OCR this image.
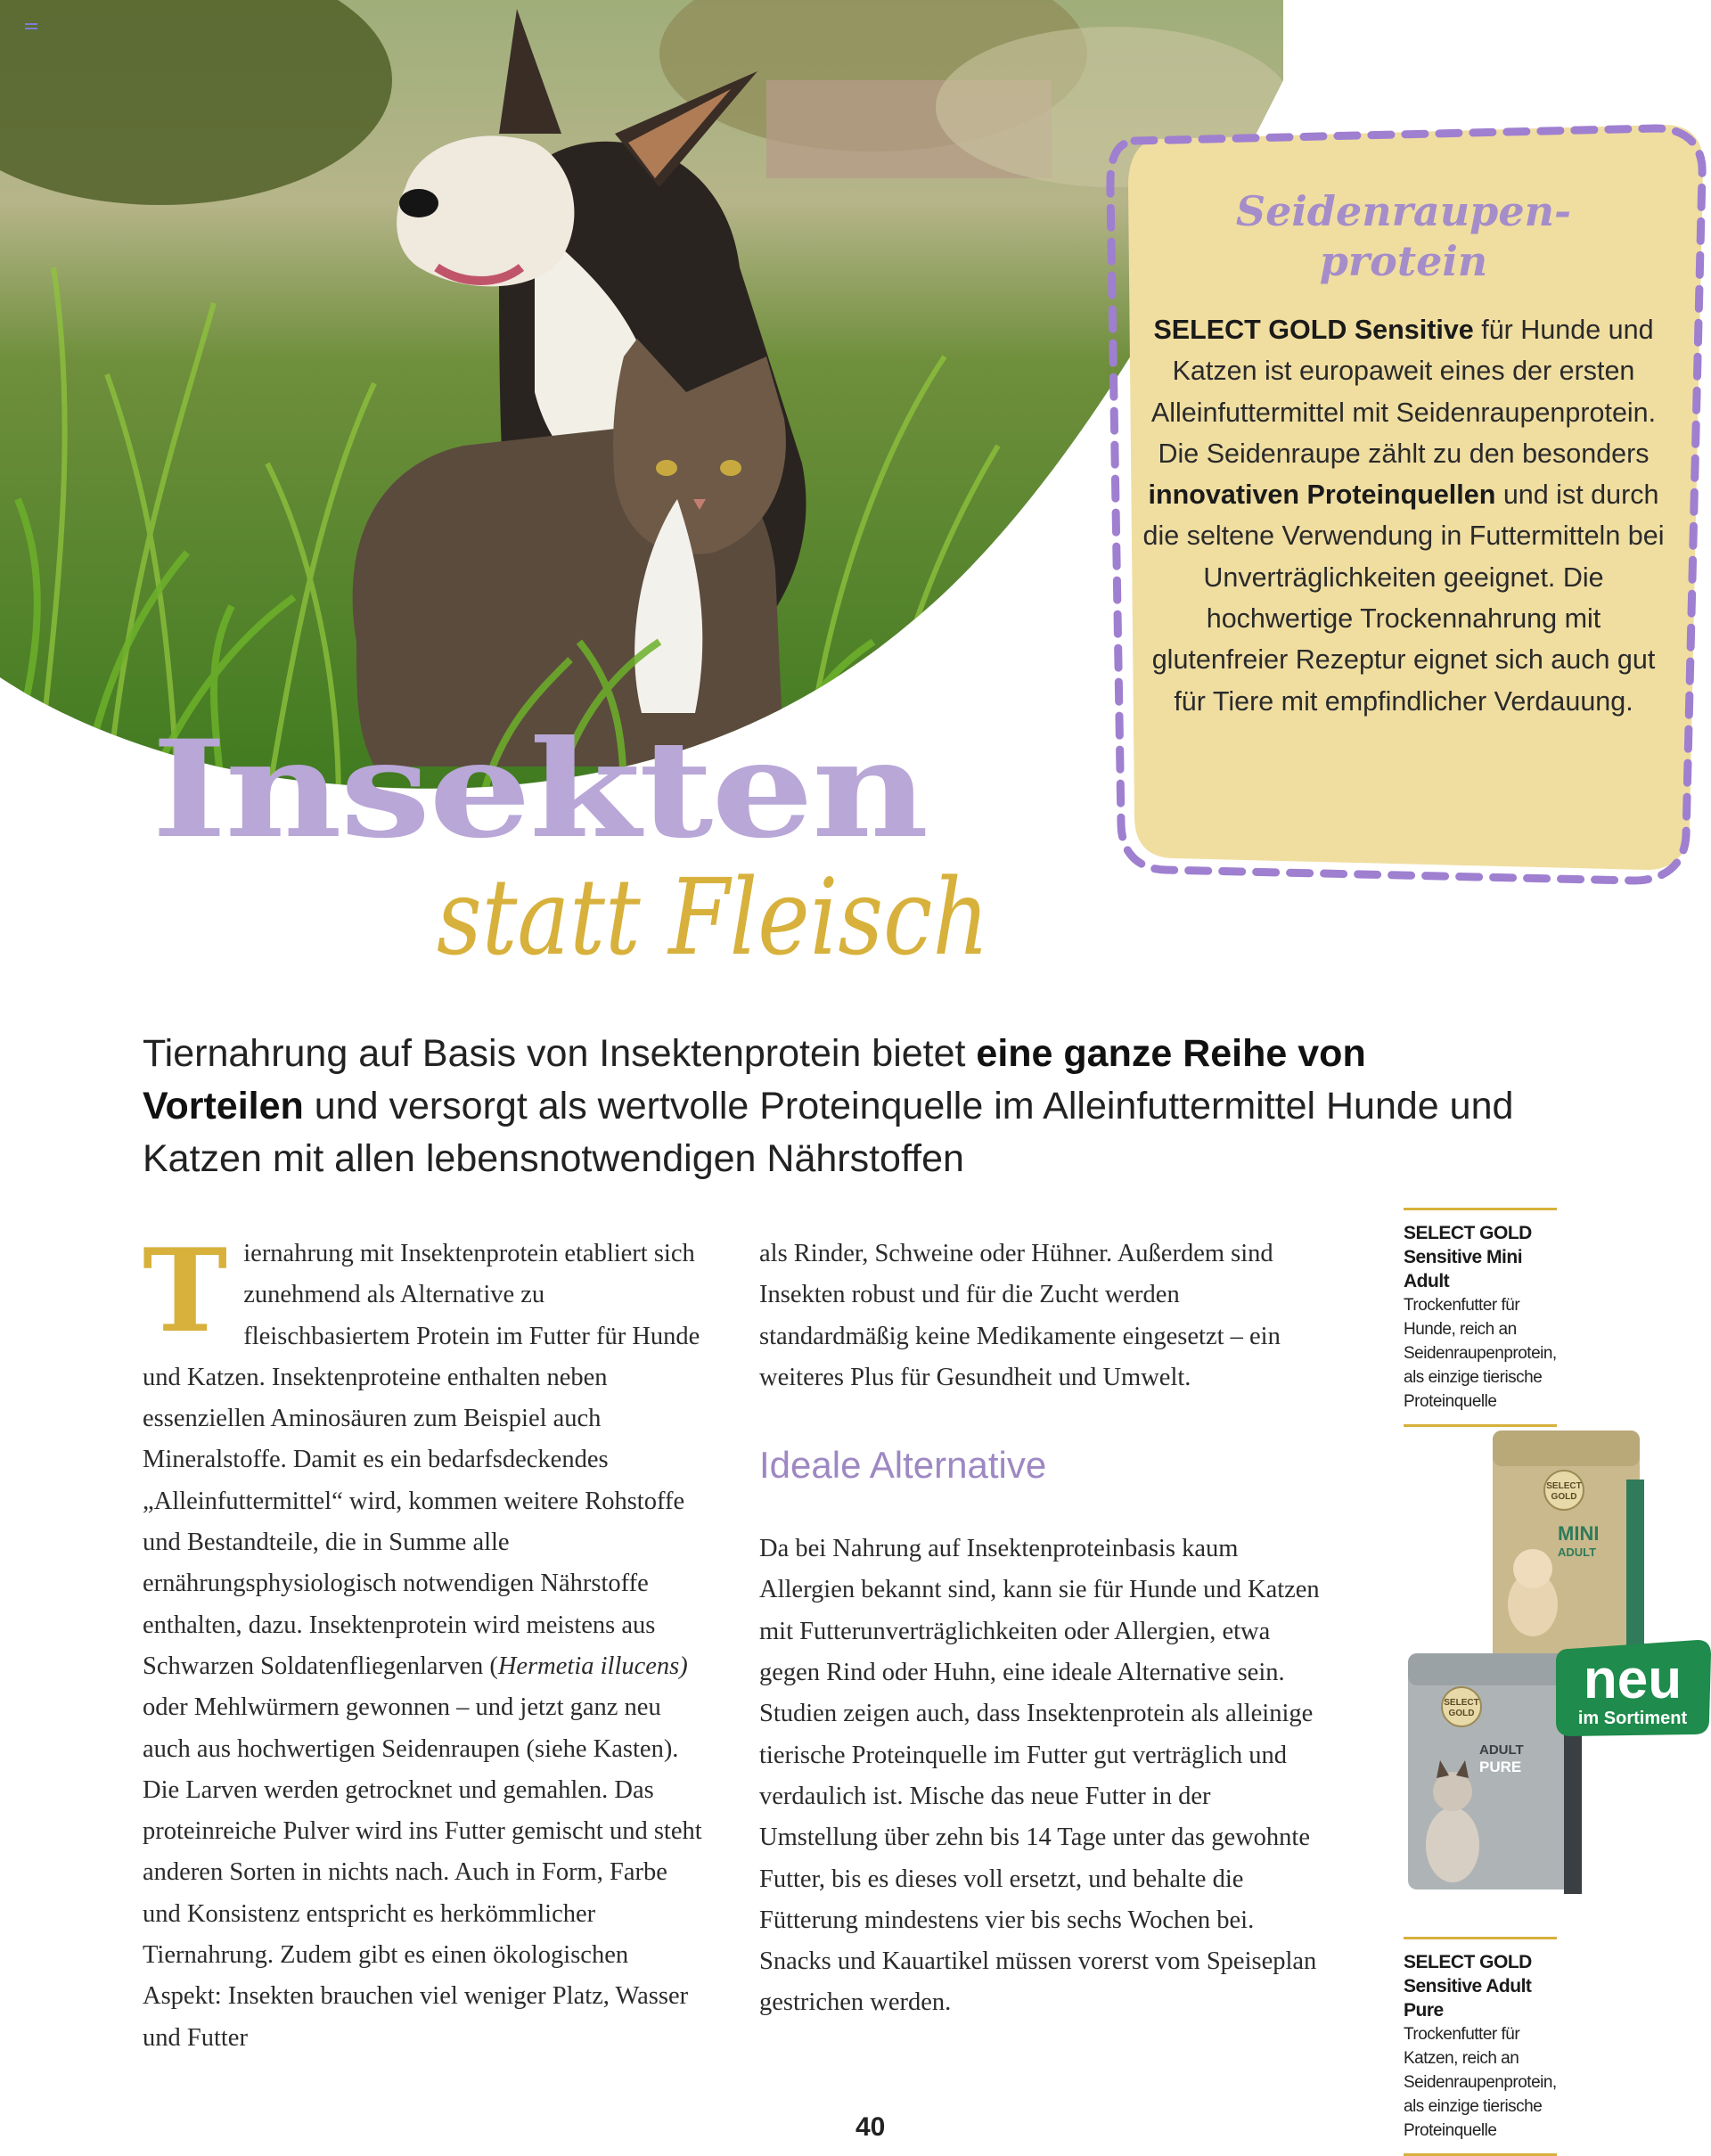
Seidenraupen-
protein
SELECT GOLD Sensitive für Hunde und Katzen ist europaweit eines der ersten Alleinfuttermittel mit Seidenraupenprotein. Die Seidenraupe zählt zu den besonders innovativen Proteinquellen und ist durch die seltene Verwendung in Futtermitteln bei Unverträglichkeiten geeignet. Die hochwertige Trockennahrung mit glutenfreier Rezeptur eignet sich auch gut für Tiere mit empfindlicher Verdauung.
Insekten
statt Fleisch
Tiernahrung auf Basis von Insektenprotein bietet eine ganze Reihe von Vorteilen und versorgt als wertvolle Proteinquelle im Alleinfuttermittel Hunde und Katzen mit allen lebensnotwendigen Nährstoffen
Tiernahrung mit Insektenprotein etabliert sich zunehmend als Alternative zu fleischbasiertem Protein im Futter für Hunde und Katzen. Insektenproteine enthalten neben essenziellen Aminosäuren zum Beispiel auch Mineralstoffe. Damit es ein bedarfsdeckendes „Alleinfuttermittel“ wird, kommen weitere Rohstoffe und Bestandteile, die in Summe alle ernährungsphysiologisch notwendigen Nährstoffe enthalten, dazu. Insektenprotein wird meistens aus Schwarzen Soldatenfliegenlarven (Hermetia illucens) oder Mehlwürmern gewonnen – und jetzt ganz neu auch aus hochwertigen Seidenraupen (siehe Kasten). Die Larven werden getrocknet und gemahlen. Das proteinreiche Pulver wird ins Futter gemischt und steht anderen Sorten in nichts nach. Auch in Form, Farbe und Konsistenz entspricht es herkömmlicher Tiernahrung. Zudem gibt es einen ökologischen Aspekt: Insekten brauchen viel weniger Platz, Wasser und Futter
als Rinder, Schweine oder Hühner. Außerdem sind Insekten robust und für die Zucht werden standardmäßig keine Medikamente eingesetzt – ein weiteres Plus für Gesundheit und Umwelt.
Ideale Alternative
Da bei Nahrung auf Insektenproteinbasis kaum Allergien bekannt sind, kann sie für Hunde und Katzen mit Futterunverträglichkeiten oder Allergien, etwa gegen Rind oder Huhn, eine ideale Alternative sein. Studien zeigen auch, dass Insektenprotein als alleinige tierische Proteinquelle im Futter gut verträglich und verdaulich ist. Mische das neue Futter in der Umstellung über zehn bis 14 Tage unter das gewohnte Futter, bis es dieses voll ersetzt, und behalte die Fütterung mindestens vier bis sechs Wochen bei. Snacks und Kauartikel müssen vorerst vom Speiseplan gestrichen werden.
SELECT GOLD
Sensitive Mini Adult
Trockenfutter für Hunde, reich an Seidenraupenprotein, als einzige tierische Proteinquelle
SELECT GOLD
Sensitive Adult Pure
Trockenfutter für Katzen, reich an Seidenraupenprotein, als einzige tierische Proteinquelle
SELECT
GOLD
MINI
ADULT
SELECT
GOLD
ADULT
PURE
neu
im Sortiment
40
